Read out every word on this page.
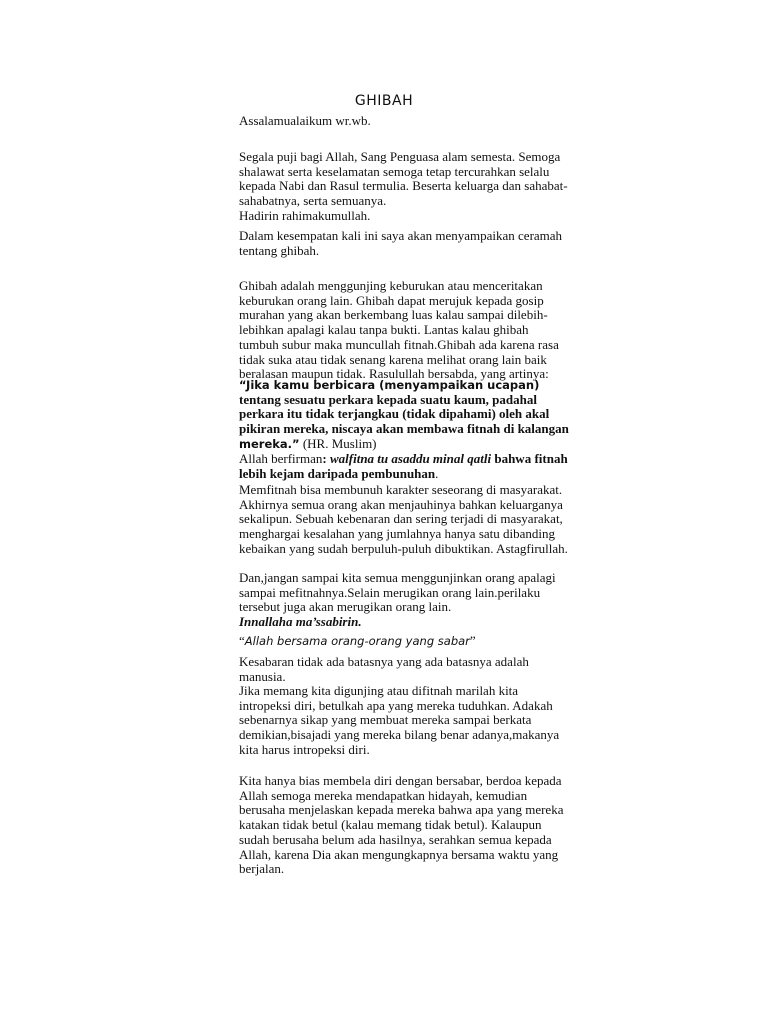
GHIBAH

Assalamualaikum wr.wb.

Segala puji bagi Allah, Sang Penguasa alam semesta. Semoga shalawat serta keselamatan semoga tetap tercurahkan selalu kepada Nabi dan Rasul termulia. Beserta keluarga dan sahabat-sahabatnya, serta semuanya.

Hadirin rahimakumullah.

Dalam kesempatan kali ini saya akan menyampaikan ceramah tentang ghibah.

Ghibah adalah menggunjing keburukan atau menceritakan keburukan orang lain. Ghibah dapat merujuk kepada gosip murahan yang akan berkembang luas kalau sampai dilebih-lebihkan apalagi kalau tanpa bukti. Lantas kalau ghibah tumbuh subur maka muncullah fitnah.Ghibah ada karena rasa tidak suka atau tidak senang karena melihat orang lain baik beralasan maupun tidak. Rasulullah bersabda, yang artinya:

“Jika kamu berbicara (menyampaikan ucapan) tentang sesuatu perkara kepada suatu kaum, padahal perkara itu tidak terjangkau (tidak dipahami) oleh akal pikiran mereka, niscaya akan membawa fitnah di kalangan mereka.” (HR. Muslim)

Allah berfirman: walfitna tu asaddu minal qatli bahwa fitnah lebih kejam daripada pembunuhan.

Memfitnah bisa membunuh karakter seseorang di masyarakat. Akhirnya semua orang akan menjauhinya bahkan keluarganya sekalipun. Sebuah kebenaran dan sering terjadi di masyarakat, menghargai kesalahan yang jumlahnya hanya satu dibanding kebaikan yang sudah berpuluh-puluh dibuktikan. Astagfirullah.

Dan,jangan sampai kita semua menggunjinkan orang apalagi sampai mefitnahnya.Selain merugikan orang lain.perilaku tersebut juga akan merugikan orang lain.

Innallaha ma’ssabirin.

“Allah bersama orang-orang yang sabar”

Kesabaran tidak ada batasnya yang ada batasnya adalah manusia.

Jika memang kita digunjing atau difitnah marilah kita intropeksi diri, betulkah apa yang mereka tuduhkan. Adakah sebenarnya sikap yang membuat mereka sampai berkata demikian,bisajadi yang mereka bilang benar adanya,makanya kita harus intropeksi diri.

Kita hanya bias membela diri dengan bersabar, berdoa kepada Allah semoga mereka mendapatkan hidayah, kemudian berusaha menjelaskan kepada mereka bahwa apa yang mereka katakan tidak betul (kalau memang tidak betul). Kalaupun sudah berusaha belum ada hasilnya, serahkan semua kepada Allah, karena Dia akan mengungkapnya bersama waktu yang berjalan.
